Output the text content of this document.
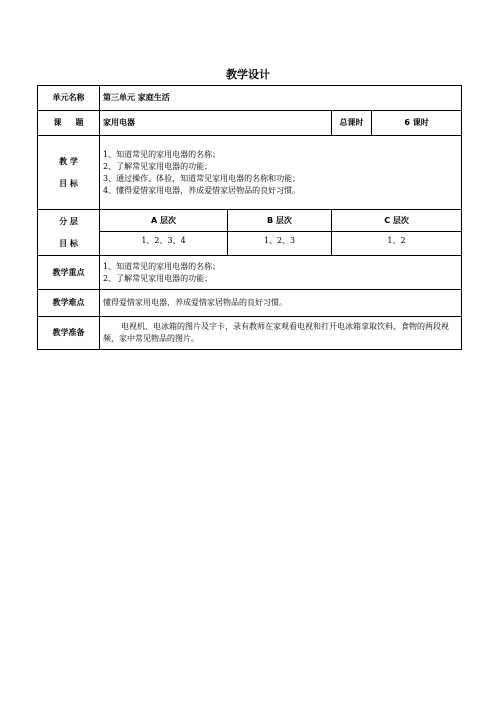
教学设计
单元名称	第三单元 家庭生活			
课 题	家用电器		总课时	6 课时

教 学
目 标	1、知道常见的家用电器的名称；
2、了解常见家用电器的功能；
3、通过操作、体验，知道常见家用电器的名称和功能；
4、懂得爱惜家用电器，养成爱惜家居物品的良好习惯。			

分 层
目 标	A 层次	B 层次	C 层次	
	1、2、3、4	1、2、3	1、2	
教学重点	1、知道常见的家用电器的名称；
2、了解常见家用电器的功能；			

教学难点	懂得爱惜家用电器，养成爱惜家居物品的良好习惯。			
教学准备	电视机、电冰箱的图片及字卡，录有教师在家观看电视和打开电冰箱拿取饮料、食物的两段视频，家中常见物品的图片。			
